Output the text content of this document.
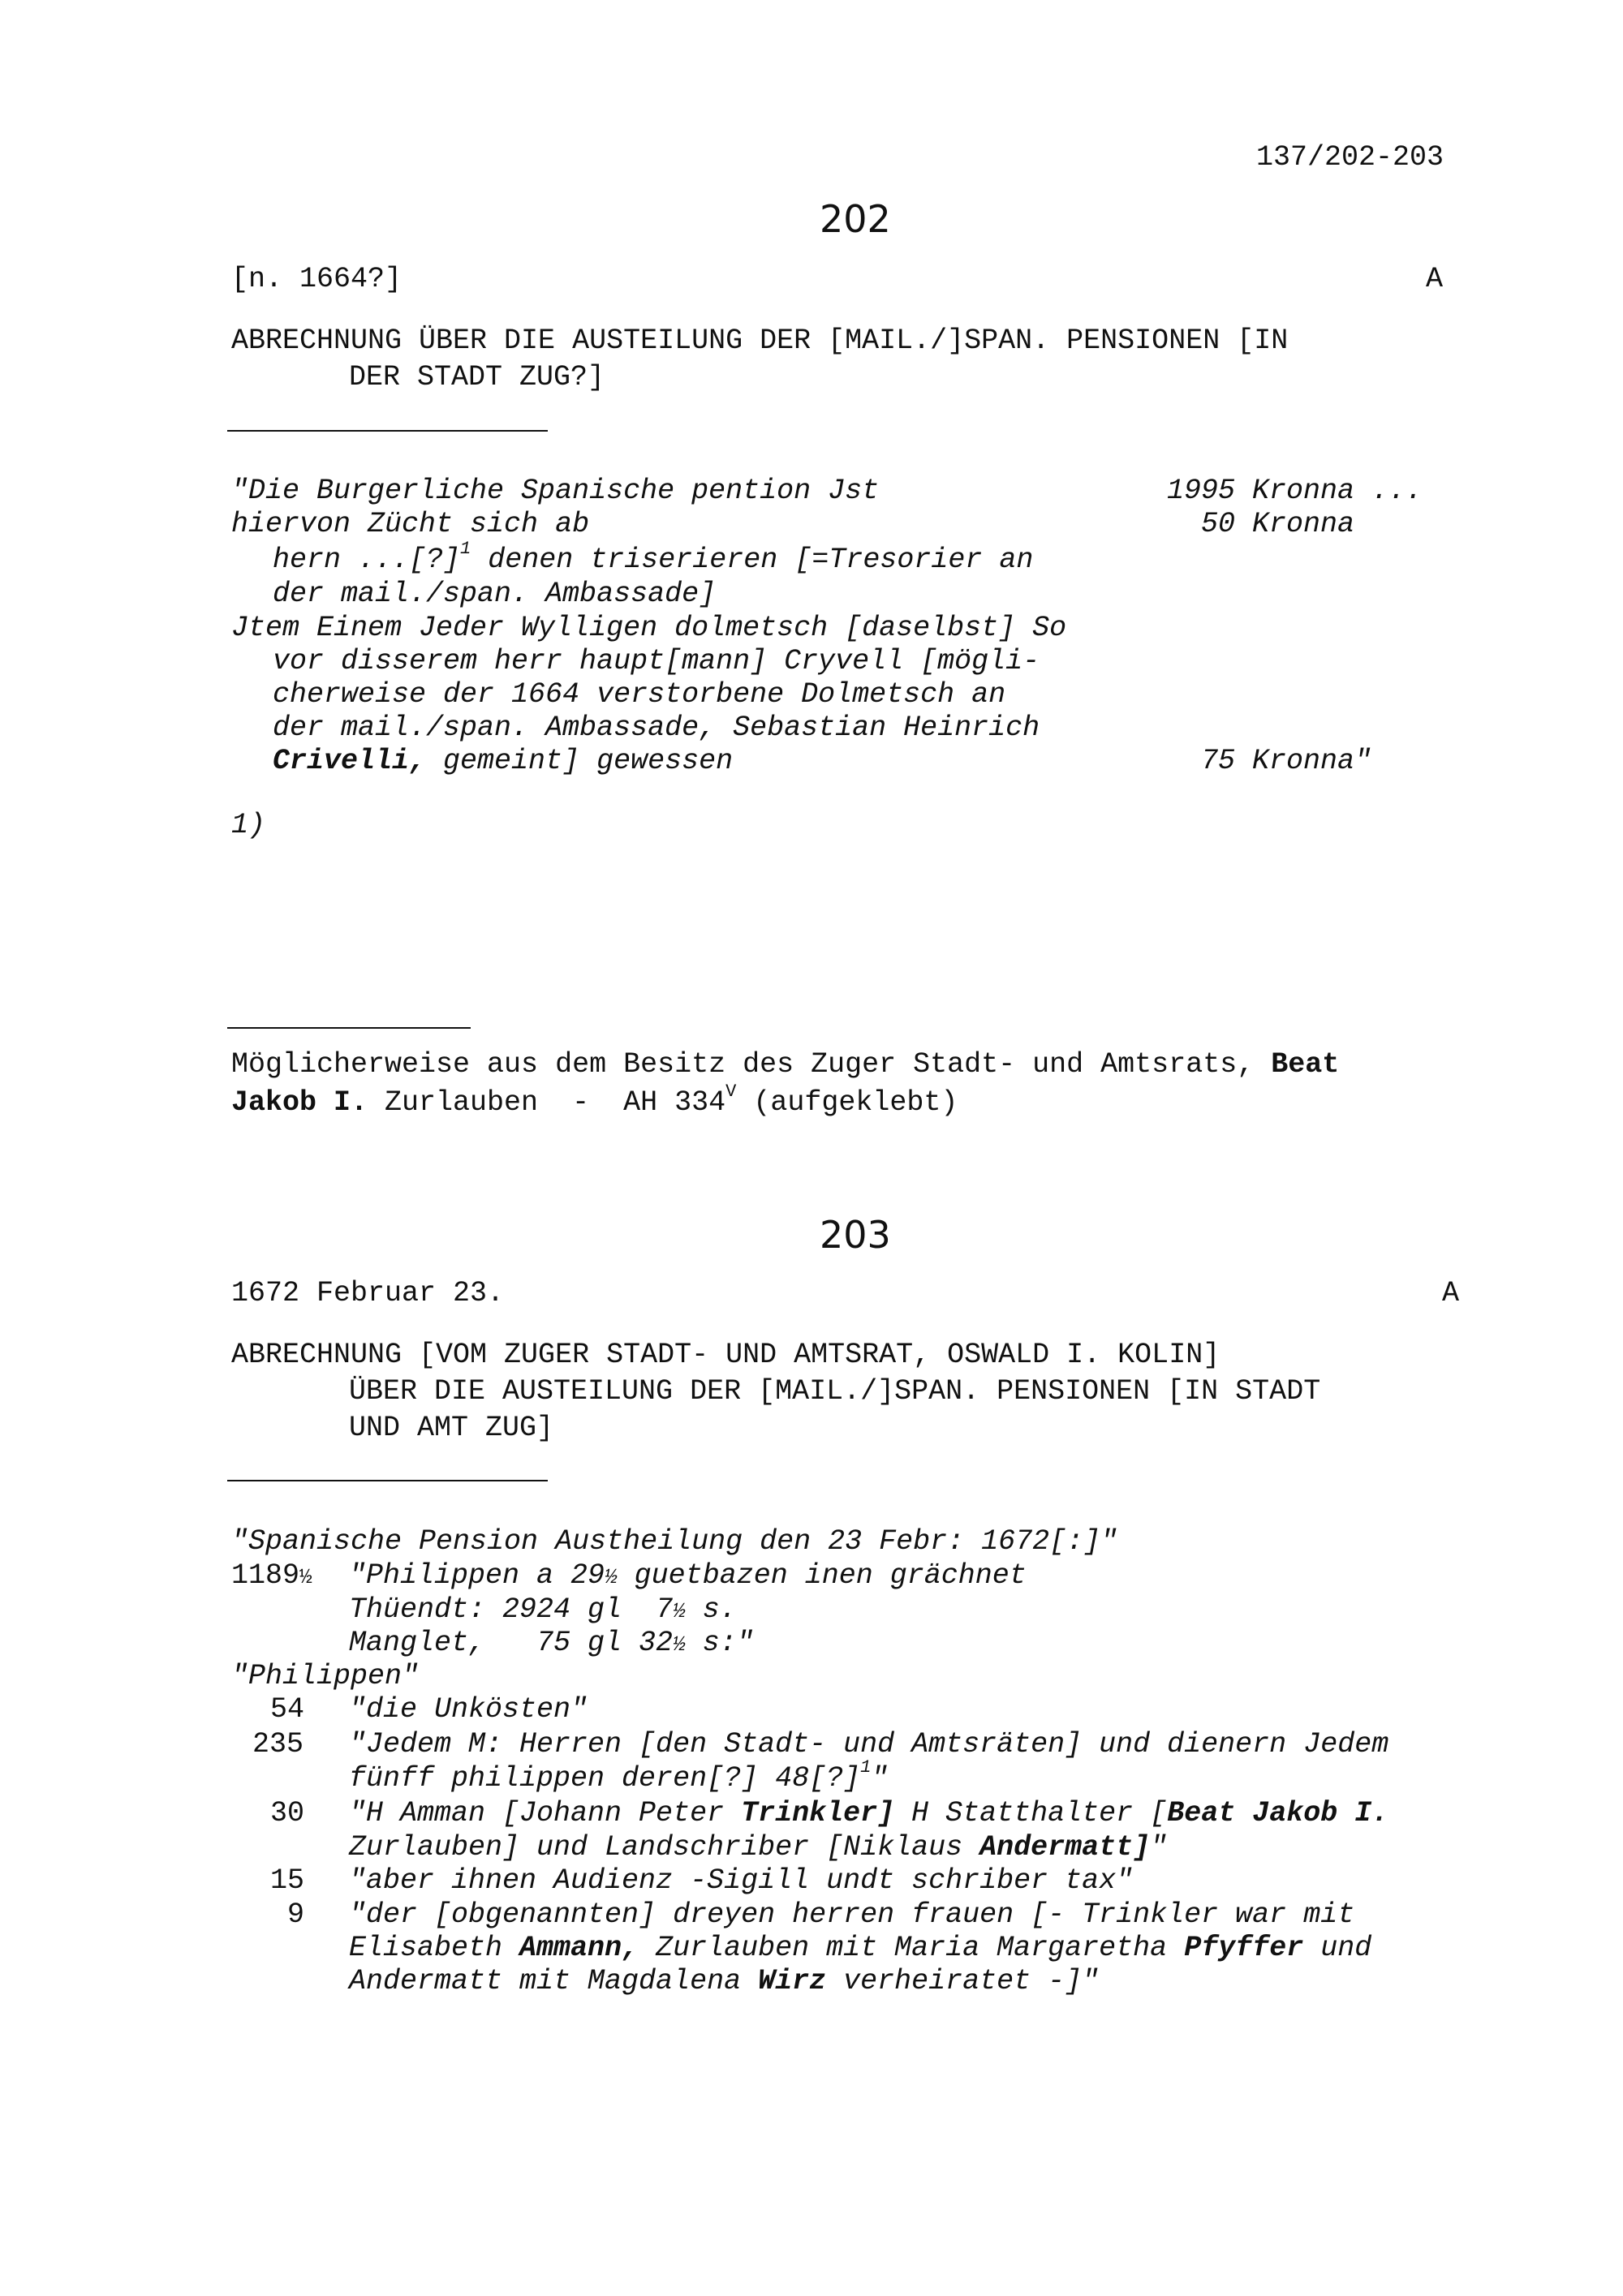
137/202-203
202
[n. 1664?]	A
ABRECHNUNG ÜBER DIE AUSTEILUNG DER [MAIL./]SPAN. PENSIONEN [IN
DER STADT ZUG?]
"Die Burgerliche Spanische pention Jst	1995 Kronna ...
hiervon Zücht sich ab	50 Kronna
hern ...[?]$^1$ denen triserieren [=Tresorier an
der mail./span. Ambassade]
Jtem Einem Jeder Wylligen dolmetsch [daselbst] So
vor disserem herr haupt[mann] Cryvell [mögli-
cherweise der 1664 verstorbene Dolmetsch an
der mail./span. Ambassade, Sebastian Heinrich
Crivelli, gemeint] gewessen	75 Kronna"
1)
Möglicherweise aus dem Besitz des Zuger Stadt- und Amtsrats, Beat
Jakob I. Zurlauben  -  AH $334^V$ (aufgeklebt)
203
1672 Februar 23.	A
ABRECHNUNG [VOM ZUGER STADT- UND AMTSRAT, OSWALD I. KOLIN]
ÜBER DIE AUSTEILUNG DER [MAIL./]SPAN. PENSIONEN [IN STADT
UND AMT ZUG]
"Spanische Pension Austheilung den 23 Febr: 1672[:]"
1189½ "Philippen a 29½ guetbazen inen grächnet
Thüendt: 2924 gl  7½ s.
Manglet,   75 gl 32½ s:"
"Philippen"
54 "die Unkösten"
235 "Jedem M: Herren [den Stadt- und Amtsräten] und dienern Jedem
fünff philippen deren[?] 48[?]$^1$"
30 "H Amman [Johann Peter Trinkler] H Statthalter [Beat Jakob I.
Zurlauben] und Landschriber [Niklaus Andermatt]"
15 "aber ihnen Audienz -Sigill undt schriber tax"
9 "der [obgenannten] dreyen herren frauen [- Trinkler war mit
Elisabeth Ammann, Zurlauben mit Maria Margaretha Pfyffer und
Andermatt mit Magdalena Wirz verheiratet -]"
